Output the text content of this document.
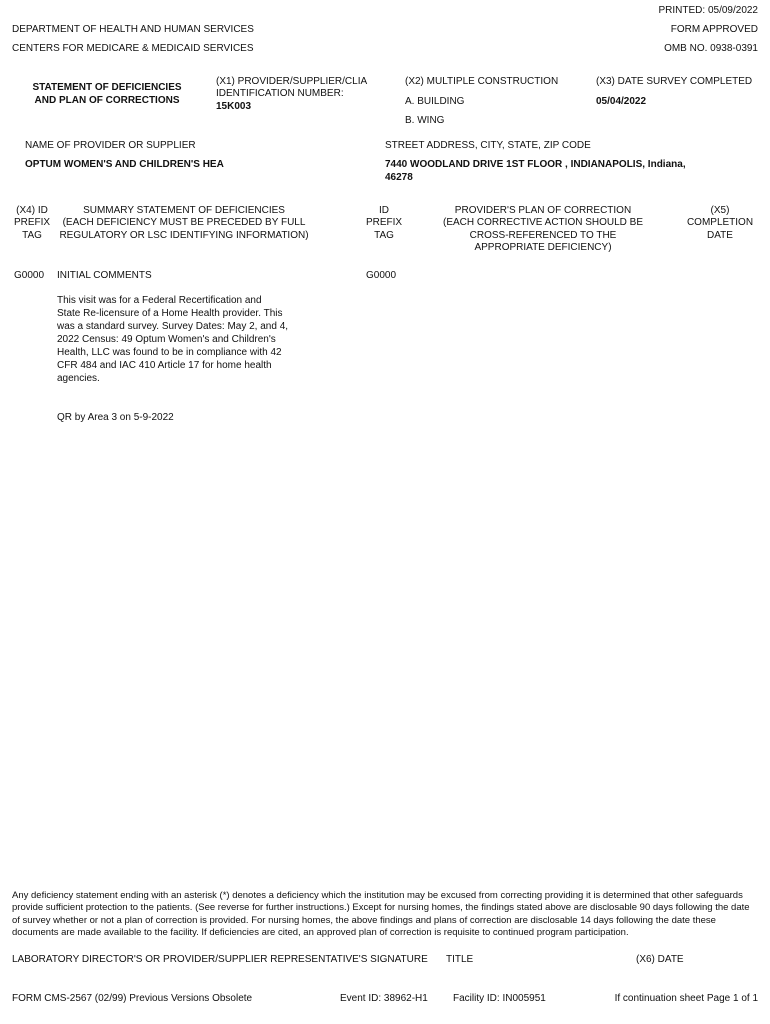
PRINTED: 05/09/2022
DEPARTMENT OF HEALTH AND HUMAN SERVICES	FORM APPROVED
CENTERS FOR MEDICARE & MEDICAID SERVICES	OMB NO. 0938-0391
STATEMENT OF DEFICIENCIES
AND PLAN OF CORRECTIONS
(X1) PROVIDER/SUPPLIER/CLIA
IDENTIFICATION NUMBER:
15K003
(X2) MULTIPLE CONSTRUCTION
A. BUILDING
B. WING
(X3) DATE SURVEY COMPLETED
05/04/2022
NAME OF PROVIDER OR SUPPLIER
OPTUM WOMEN'S AND CHILDREN'S HEA
STREET ADDRESS, CITY, STATE, ZIP CODE
7440 WOODLAND DRIVE 1ST FLOOR , INDIANAPOLIS, Indiana,
46278
(X4) ID
PREFIX
TAG
SUMMARY STATEMENT OF DEFICIENCIES
(EACH DEFICIENCY MUST BE PRECEDED BY FULL
REGULATORY OR LSC IDENTIFYING INFORMATION)
ID
PREFIX
TAG
PROVIDER'S PLAN OF CORRECTION
(EACH CORRECTIVE ACTION SHOULD BE
CROSS-REFERENCED TO THE
APPROPRIATE DEFICIENCY)
(X5)
COMPLETION
DATE
G0000 INITIAL COMMENTS	G0000
This visit was for a Federal Recertification and
State Re-licensure of a Home Health provider. This
was a standard survey. Survey Dates: May 2, and 4,
2022 Census: 49 Optum Women's and Children's
Health, LLC was found to be in compliance with 42
CFR 484 and IAC 410 Article 17 for home health
agencies.
QR by Area 3 on 5-9-2022
Any deficiency statement ending with an asterisk (*) denotes a deficiency which the institution may be excused from correcting providing it is determined that other safeguards provide sufficient protection to the patients. (See reverse for further instructions.) Except for nursing homes, the findings stated above are disclosable 90 days following the date of survey whether or not a plan of correction is provided. For nursing homes, the above findings and plans of correction are disclosable 14 days following the date these documents are made available to the facility. If deficiencies are cited, an approved plan of correction is requisite to continued program participation.
LABORATORY DIRECTOR'S OR PROVIDER/SUPPLIER REPRESENTATIVE'S SIGNATURE TITLE	(X6) DATE
FORM CMS-2567 (02/99) Previous Versions Obsolete	Event ID: 38962-H1	Facility ID: IN005951	If continuation sheet Page 1 of 1
